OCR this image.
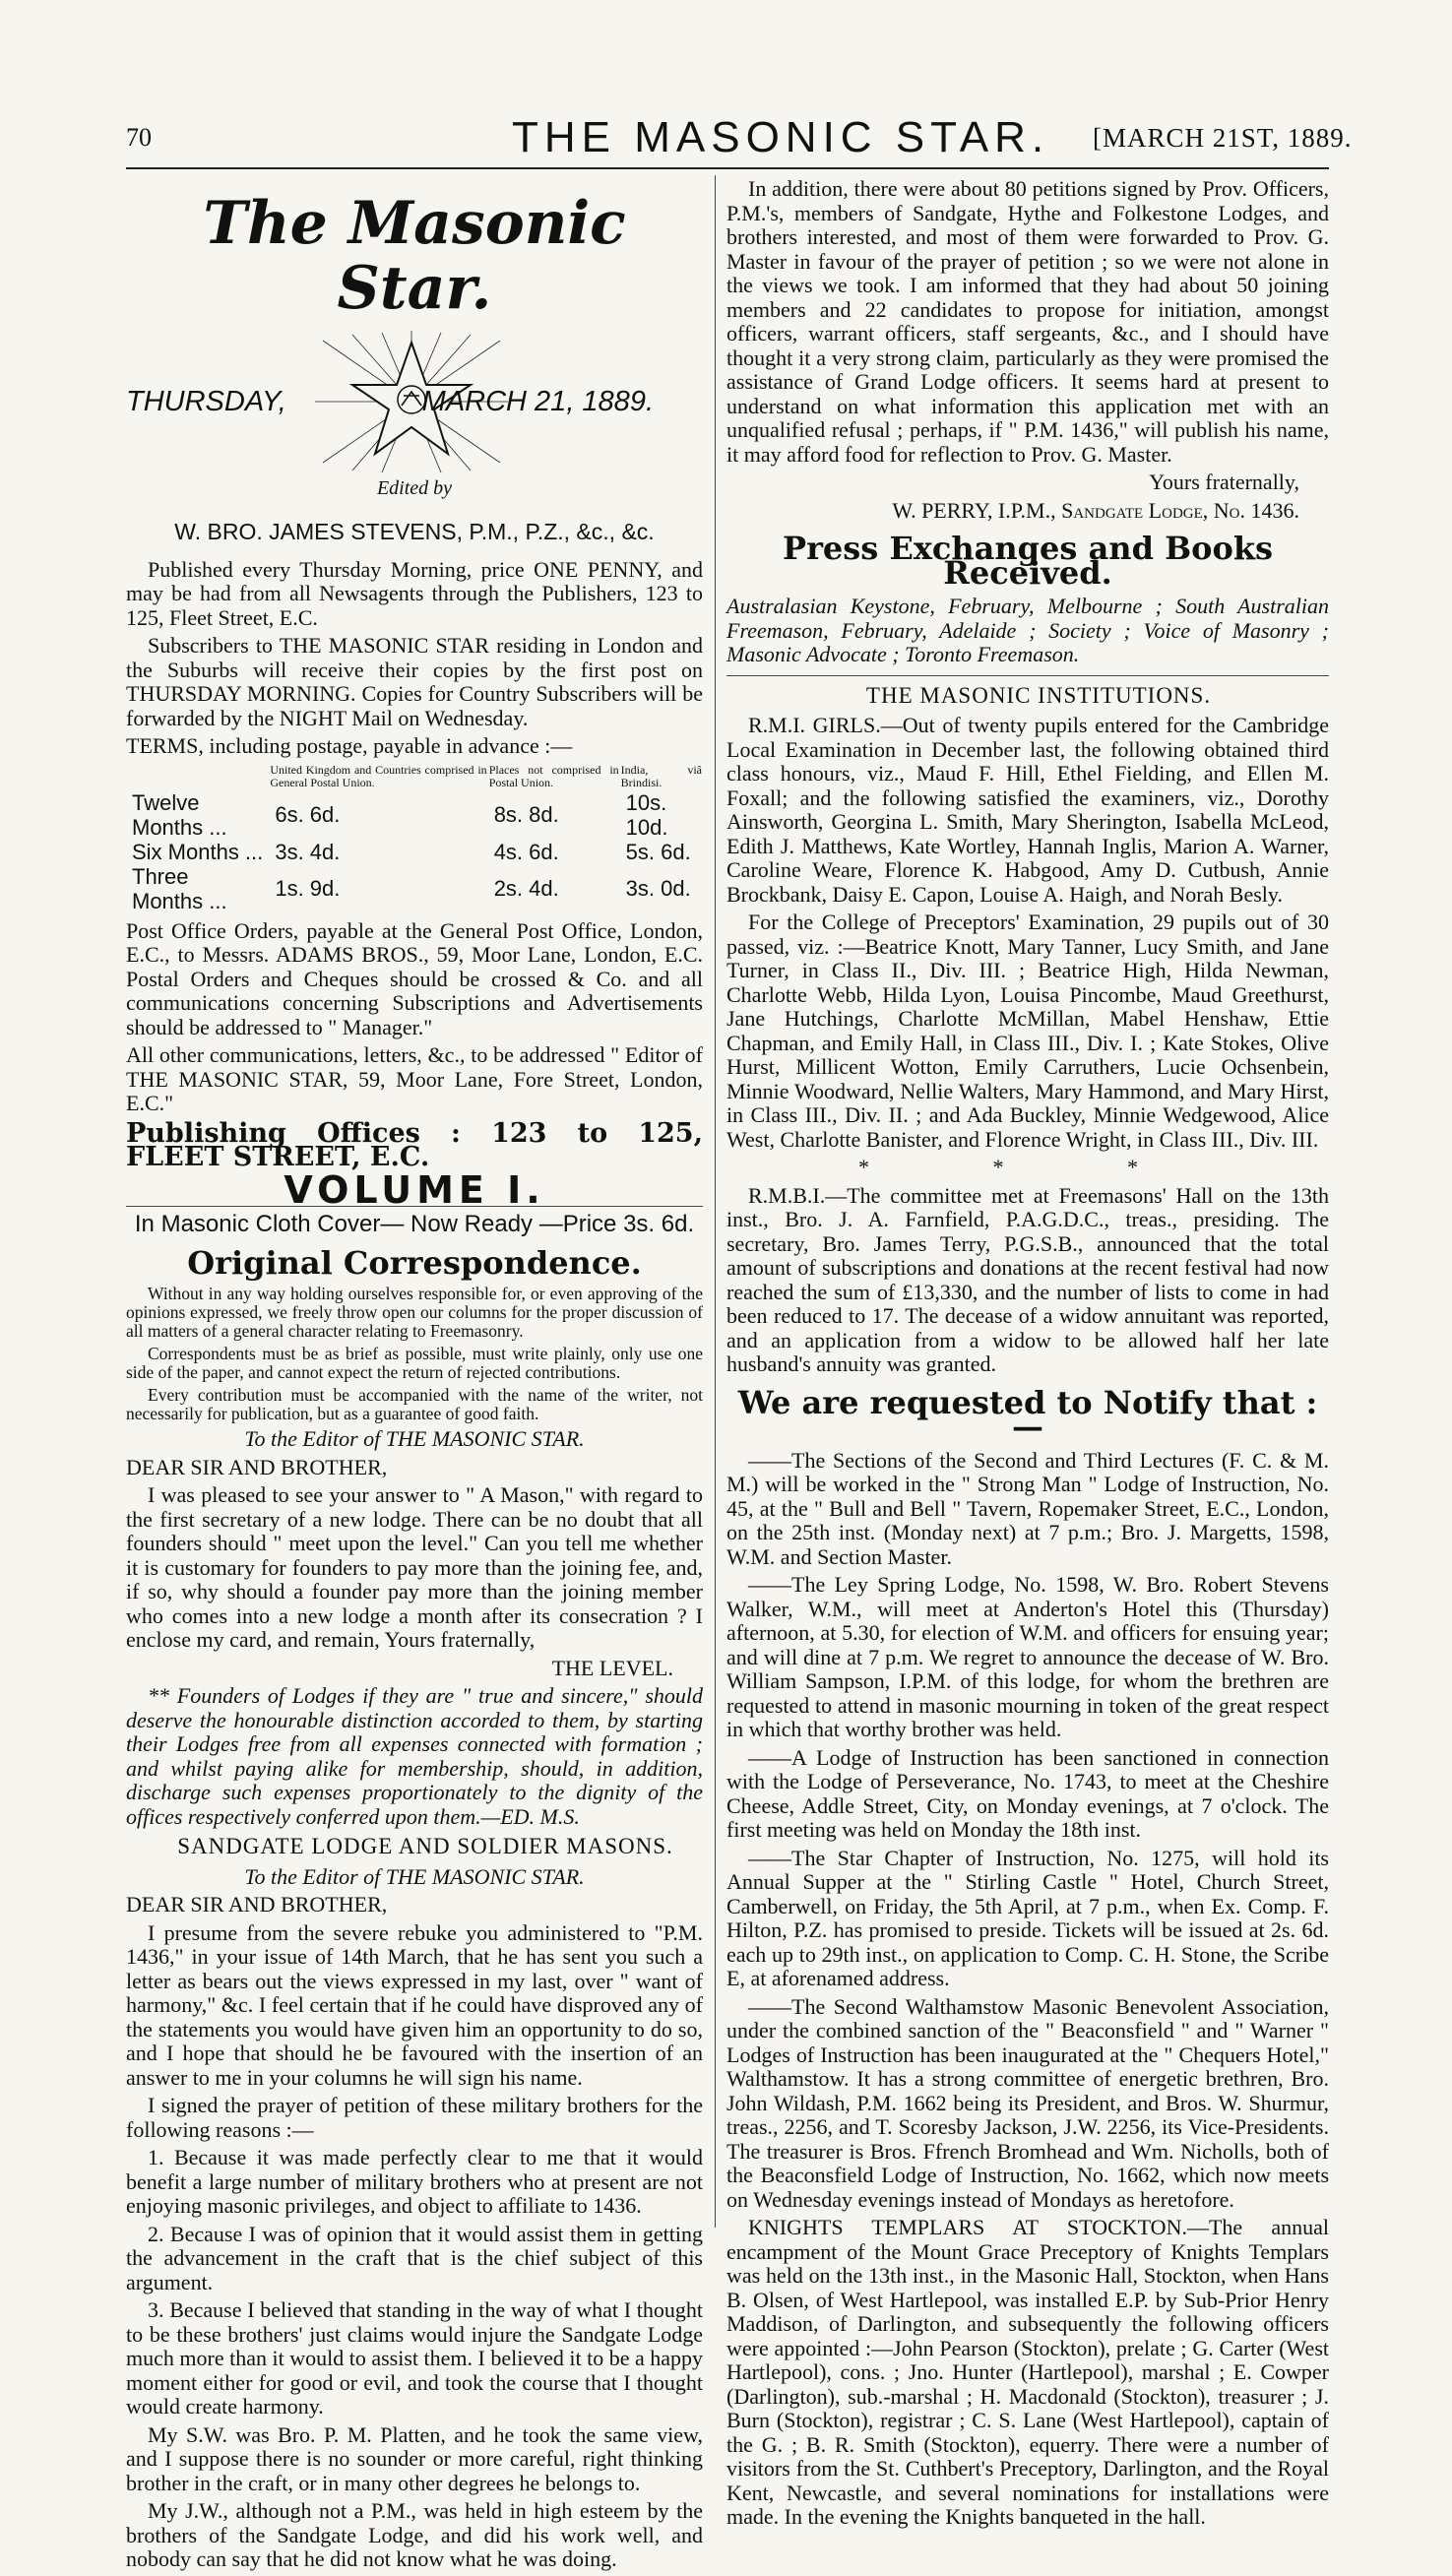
70	THE MASONIC STAR. [MARCH 21ST, 1889.
The Masonic Star.
THURSDAY,	MARCH 21, 1889.
Edited by
W. BRO. JAMES STEVENS, P.M., P.Z., &c., &c.

Published every Thursday Morning, price ONE PENNY, and may be had from all Newsagents through the Publishers, 123 to 125, Fleet Street, E.C.

Subscribers to THE MASONIC STAR residing in London and the Suburbs will receive their copies by the first post on THURSDAY MORNING. Copies for Country Subscribers will be forwarded by the NIGHT Mail on Wednesday.

TERMS, including postage, payable in advance :—

	United Kingdom and Countries comprised in General Postal Union.	Places not comprised in Postal Union.	India, viâ Brindisi.
Twelve Months ...	6s. 6d.	8s. 8d.	10s. 10d.
Six Months ...	3s. 4d.	4s. 6d.	5s. 6d.
Three Months ...	1s. 9d.	2s. 4d.	3s. 0d.

Post Office Orders, payable at the General Post Office, London, E.C., to Messrs. ADAMS BROS., 59, Moor Lane, London, E.C. Postal Orders and Cheques should be crossed & Co. and all communications concerning Subscriptions and Advertisements should be addressed to " Manager."

All other communications, letters, &c., to be addressed " Editor of THE MASONIC STAR, 59, Moor Lane, Fore Street, London, E.C."

Publishing Offices : 123 to 125, FLEET STREET, E.C.

VOLUME I.
In Masonic Cloth Cover— Now Ready —Price 3s. 6d.
Original Correspondence.

Without in any way holding ourselves responsible for, or even approving of the opinions expressed, we freely throw open our columns for the proper discussion of all matters of a general character relating to Freemasonry.

Correspondents must be as brief as possible, must write plainly, only use one side of the paper, and cannot expect the return of rejected contributions.

Every contribution must be accompanied with the name of the writer, not necessarily for publication, but as a guarantee of good faith.

To the Editor of THE MASONIC STAR.

DEAR SIR AND BROTHER,

I was pleased to see your answer to " A Mason," with regard to the first secretary of a new lodge. There can be no doubt that all founders should " meet upon the level." Can you tell me whether it is customary for founders to pay more than the joining fee, and, if so, why should a founder pay more than the joining member who comes into a new lodge a month after its consecration ? I enclose my card, and remain, Yours fraternally,

THE LEVEL.

** Founders of Lodges if they are " true and sincere," should deserve the honourable distinction accorded to them, by starting their Lodges free from all expenses connected with formation ; and whilst paying alike for membership, should, in addition, discharge such expenses proportionately to the dignity of the offices respectively conferred upon them.—ED. M.S.

SANDGATE LODGE AND SOLDIER MASONS.

To the Editor of THE MASONIC STAR.

DEAR SIR AND BROTHER,

I presume from the severe rebuke you administered to "P.M. 1436," in your issue of 14th March, that he has sent you such a letter as bears out the views expressed in my last, over " want of harmony," &c. I feel certain that if he could have disproved any of the statements you would have given him an opportunity to do so, and I hope that should he be favoured with the insertion of an answer to me in your columns he will sign his name.

I signed the prayer of petition of these military brothers for the following reasons :—

1. Because it was made perfectly clear to me that it would benefit a large number of military brothers who at present are not enjoying masonic privileges, and object to affiliate to 1436.

2. Because I was of opinion that it would assist them in getting the advancement in the craft that is the chief subject of this argument.

3. Because I believed that standing in the way of what I thought to be these brothers' just claims would injure the Sandgate Lodge much more than it would to assist them. I believed it to be a happy moment either for good or evil, and took the course that I thought would create harmony.

My S.W. was Bro. P. M. Platten, and he took the same view, and I suppose there is no sounder or more careful, right thinking brother in the craft, or in many other degrees he belongs to.

My J.W., although not a P.M., was held in high esteem by the brothers of the Sandgate Lodge, and did his work well, and nobody can say that he did not know what he was doing.

In addition, there were about 80 petitions signed by Prov. Officers, P.M.'s, members of Sandgate, Hythe and Folkestone Lodges, and brothers interested, and most of them were forwarded to Prov. G. Master in favour of the prayer of petition ; so we were not alone in the views we took. I am informed that they had about 50 joining members and 22 candidates to propose for initiation, amongst officers, warrant officers, staff sergeants, &c., and I should have thought it a very strong claim, particularly as they were promised the assistance of Grand Lodge officers. It seems hard at present to understand on what information this application met with an unqualified refusal ; perhaps, if " P.M. 1436," will publish his name, it may afford food for reflection to Prov. G. Master.

Yours fraternally,

W. PERRY, I.P.M., Sandgate Lodge, No. 1436.

Press Exchanges and Books Received.

Australasian Keystone, February, Melbourne ; South Australian Freemason, February, Adelaide ; Society ; Voice of Masonry ; Masonic Advocate ; Toronto Freemason.

THE MASONIC INSTITUTIONS.

R.M.I. GIRLS.—Out of twenty pupils entered for the Cambridge Local Examination in December last, the following obtained third class honours, viz., Maud F. Hill, Ethel Fielding, and Ellen M. Foxall; and the following satisfied the examiners, viz., Dorothy Ainsworth, Georgina L. Smith, Mary Sherington, Isabella McLeod, Edith J. Matthews, Kate Wortley, Hannah Inglis, Marion A. Warner, Caroline Weare, Florence K. Habgood, Amy D. Cutbush, Annie Brockbank, Daisy E. Capon, Louise A. Haigh, and Norah Besly.

For the College of Preceptors' Examination, 29 pupils out of 30 passed, viz. :—Beatrice Knott, Mary Tanner, Lucy Smith, and Jane Turner, in Class II., Div. III. ; Beatrice High, Hilda Newman, Charlotte Webb, Hilda Lyon, Louisa Pincombe, Maud Greethurst, Jane Hutchings, Charlotte McMillan, Mabel Henshaw, Ettie Chapman, and Emily Hall, in Class III., Div. I. ; Kate Stokes, Olive Hurst, Millicent Wotton, Emily Carruthers, Lucie Ochsenbein, Minnie Woodward, Nellie Walters, Mary Hammond, and Mary Hirst, in Class III., Div. II. ; and Ada Buckley, Minnie Wedgewood, Alice West, Charlotte Banister, and Florence Wright, in Class III., Div. III.

* * *

R.M.B.I.—The committee met at Freemasons' Hall on the 13th inst., Bro. J. A. Farnfield, P.A.G.D.C., treas., presiding. The secretary, Bro. James Terry, P.G.S.B., announced that the total amount of subscriptions and donations at the recent festival had now reached the sum of £13,330, and the number of lists to come in had been reduced to 17. The decease of a widow annuitant was reported, and an application from a widow to be allowed half her late husband's annuity was granted.

We are requested to Notify that :—

——The Sections of the Second and Third Lectures (F. C. & M. M.) will be worked in the " Strong Man " Lodge of Instruction, No. 45, at the " Bull and Bell " Tavern, Ropemaker Street, E.C., London, on the 25th inst. (Monday next) at 7 p.m.; Bro. J. Margetts, 1598, W.M. and Section Master.

——The Ley Spring Lodge, No. 1598, W. Bro. Robert Stevens Walker, W.M., will meet at Anderton's Hotel this (Thursday) afternoon, at 5.30, for election of W.M. and officers for ensuing year; and will dine at 7 p.m. We regret to announce the decease of W. Bro. William Sampson, I.P.M. of this lodge, for whom the brethren are requested to attend in masonic mourning in token of the great respect in which that worthy brother was held.

——A Lodge of Instruction has been sanctioned in connection with the Lodge of Perseverance, No. 1743, to meet at the Cheshire Cheese, Addle Street, City, on Monday evenings, at 7 o'clock. The first meeting was held on Monday the 18th inst.

——The Star Chapter of Instruction, No. 1275, will hold its Annual Supper at the " Stirling Castle " Hotel, Church Street, Camberwell, on Friday, the 5th April, at 7 p.m., when Ex. Comp. F. Hilton, P.Z. has promised to preside. Tickets will be issued at 2s. 6d. each up to 29th inst., on application to Comp. C. H. Stone, the Scribe E, at aforenamed address.

——The Second Walthamstow Masonic Benevolent Association, under the combined sanction of the " Beaconsfield " and " Warner " Lodges of Instruction has been inaugurated at the " Chequers Hotel," Walthamstow. It has a strong committee of energetic brethren, Bro. John Wildash, P.M. 1662 being its President, and Bros. W. Shurmur, treas., 2256, and T. Scoresby Jackson, J.W. 2256, its Vice-Presidents. The treasurer is Bros. Ffrench Bromhead and Wm. Nicholls, both of the Beaconsfield Lodge of Instruction, No. 1662, which now meets on Wednesday evenings instead of Mondays as heretofore.

KNIGHTS TEMPLARS AT STOCKTON.—The annual encampment of the Mount Grace Preceptory of Knights Templars was held on the 13th inst., in the Masonic Hall, Stockton, when Hans B. Olsen, of West Hartlepool, was installed E.P. by Sub-Prior Henry Maddison, of Darlington, and subsequently the following officers were appointed :—John Pearson (Stockton), prelate ; G. Carter (West Hartlepool), cons. ; Jno. Hunter (Hartlepool), marshal ; E. Cowper (Darlington), sub.-marshal ; H. Macdonald (Stockton), treasurer ; J. Burn (Stockton), registrar ; C. S. Lane (West Hartlepool), captain of the G. ; B. R. Smith (Stockton), equerry. There were a number of visitors from the St. Cuthbert's Preceptory, Darlington, and the Royal Kent, Newcastle, and several nominations for installations were made. In the evening the Knights banqueted in the hall.
